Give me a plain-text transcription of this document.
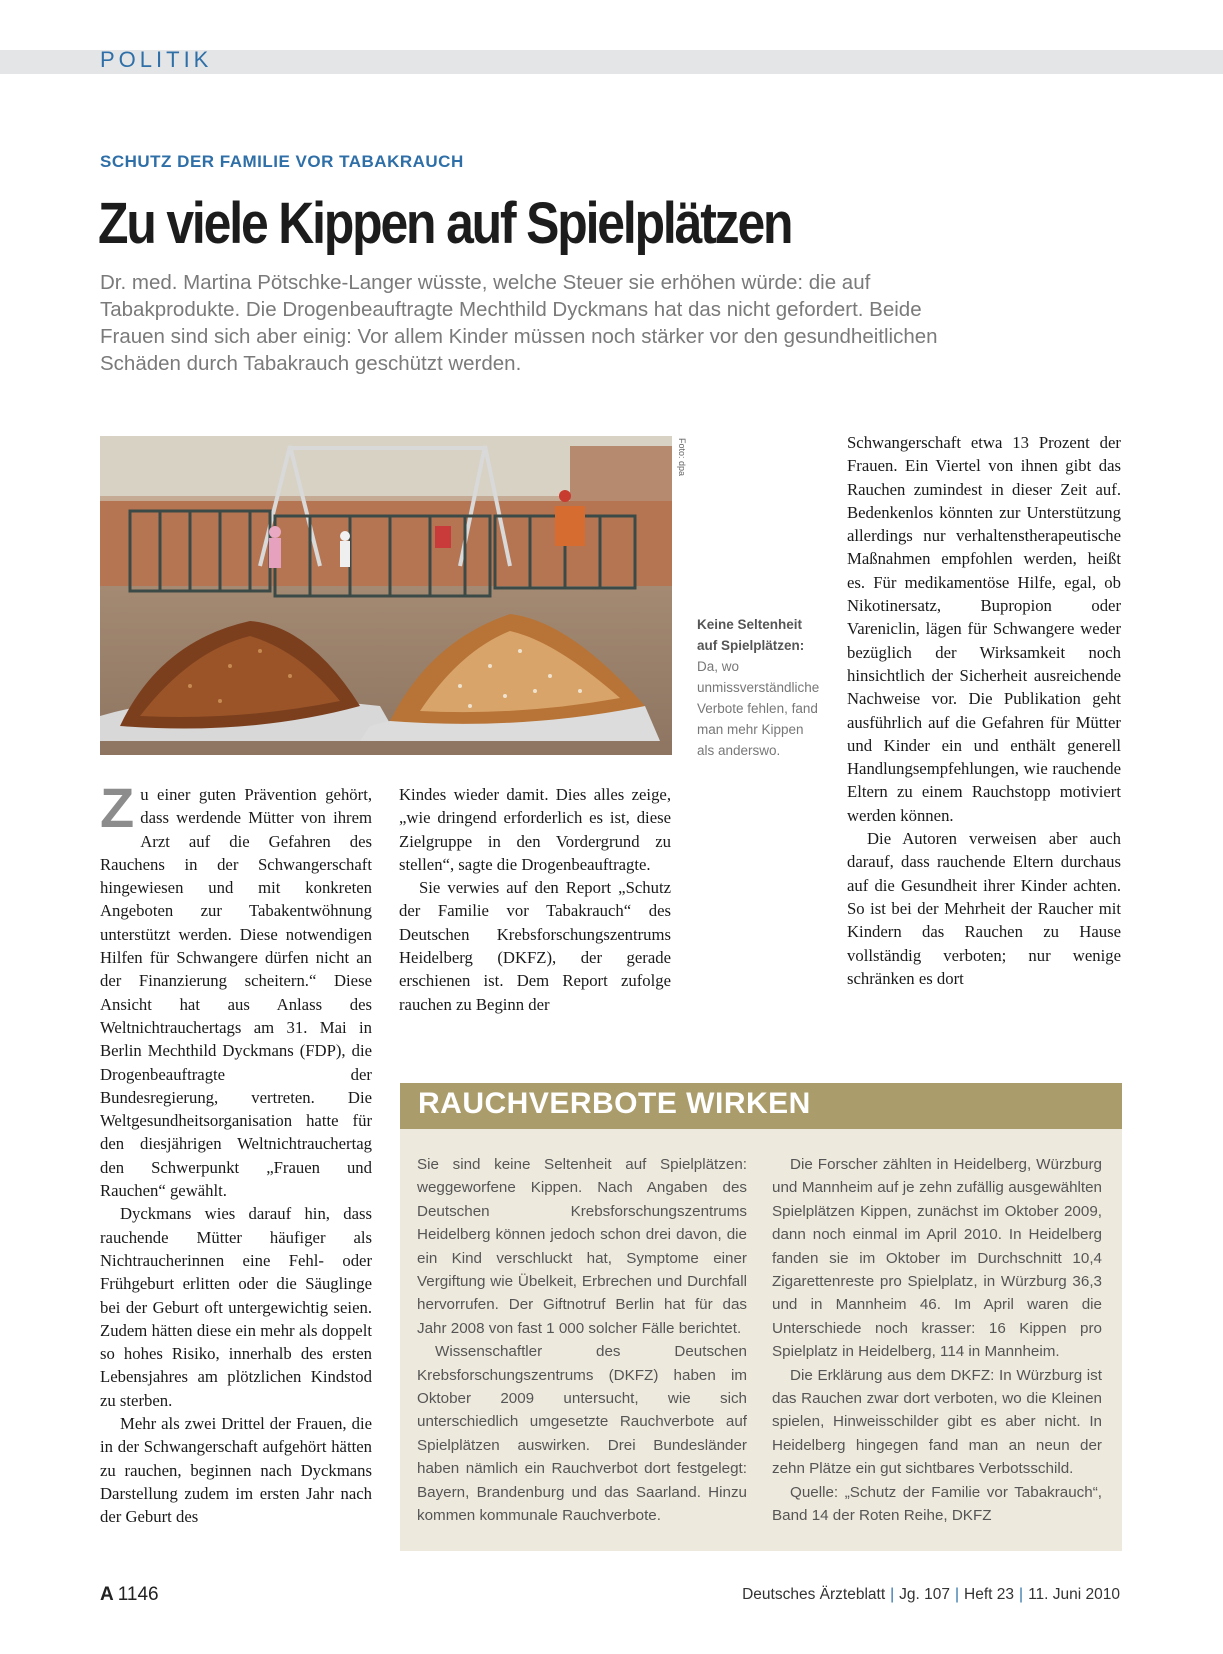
POLITIK
SCHUTZ DER FAMILIE VOR TABAKRAUCH
Zu viele Kippen auf Spielplätzen

Dr. med. Martina Pötschke-Langer wüsste, welche Steuer sie erhöhen würde: die auf Tabakprodukte. Die Drogenbeauftragte Mechthild Dyckmans hat das nicht gefordert. Beide Frauen sind sich aber einig: Vor allem Kinder müssen noch stärker vor den gesundheitlichen Schäden durch Tabakrauch geschützt werden.

Foto: dpa
Keine Seltenheit auf Spielplätzen:
Da, wo unmissverständliche Verbote fehlen, fand man mehr Kippen als anderswo.

Zu einer guten Prävention gehört, dass werdende Mütter von ihrem Arzt auf die Gefahren des Rauchens in der Schwangerschaft hingewiesen und mit konkreten Angeboten zur Tabakentwöhnung unterstützt werden. Diese notwendigen Hilfen für Schwangere dürfen nicht an der Finanzierung scheitern.“ Diese Ansicht hat aus Anlass des Weltnichtrauchertags am 31. Mai in Berlin Mechthild Dyckmans (FDP), die Drogenbeauftragte der Bundesregierung, vertreten. Die Weltgesundheitsorganisation hatte für den diesjährigen Weltnichtrauchertag den Schwerpunkt „Frauen und Rauchen“ gewählt.

Dyckmans wies darauf hin, dass rauchende Mütter häufiger als Nichtraucherinnen eine Fehl- oder Frühgeburt erlitten oder die Säuglinge bei der Geburt oft untergewichtig seien. Zudem hätten diese ein mehr als doppelt so hohes Risiko, innerhalb des ersten Lebensjahres am plötzlichen Kindstod zu sterben.

Mehr als zwei Drittel der Frauen, die in der Schwangerschaft aufgehört hätten zu rauchen, beginnen nach Dyckmans Darstellung zudem im ersten Jahr nach der Geburt des

Kindes wieder damit. Dies alles zeige, „wie dringend erforderlich es ist, diese Zielgruppe in den Vordergrund zu stellen“, sagte die Drogenbeauftragte.

Sie verwies auf den Report „Schutz der Familie vor Tabakrauch“ des Deutschen Krebsforschungszentrums Heidelberg (DKFZ), der gerade erschienen ist. Dem Report zufolge rauchen zu Beginn der

Schwangerschaft etwa 13 Prozent der Frauen. Ein Viertel von ihnen gibt das Rauchen zumindest in dieser Zeit auf. Bedenkenlos könnten zur Unterstützung allerdings nur verhaltenstherapeutische Maßnahmen empfohlen werden, heißt es. Für medikamentöse Hilfe, egal, ob Nikotinersatz, Bupropion oder Vareniclin, lägen für Schwangere weder bezüglich der Wirksamkeit noch hinsichtlich der Sicherheit ausreichende Nachweise vor. Die Publikation geht ausführlich auf die Gefahren für Mütter und Kinder ein und enthält generell Handlungsempfehlungen, wie rauchende Eltern zu einem Rauchstopp motiviert werden können.

Die Autoren verweisen aber auch darauf, dass rauchende Eltern durchaus auf die Gesundheit ihrer Kinder achten. So ist bei der Mehrheit der Raucher mit Kindern das Rauchen zu Hause vollständig verboten; nur wenige schränken es dort

RAUCHVERBOTE WIRKEN

Sie sind keine Seltenheit auf Spielplätzen: weggeworfene Kippen. Nach Angaben des Deutschen Krebsforschungszentrums Heidelberg können jedoch schon drei davon, die ein Kind verschluckt hat, Symptome einer Vergiftung wie Übelkeit, Erbrechen und Durchfall hervorrufen. Der Giftnotruf Berlin hat für das Jahr 2008 von fast 1 000 solcher Fälle berichtet.

Wissenschaftler des Deutschen Krebsforschungszentrums (DKFZ) haben im Oktober 2009 untersucht, wie sich unterschiedlich umgesetzte Rauchverbote auf Spielplätzen auswirken. Drei Bundesländer haben nämlich ein Rauchverbot dort festgelegt: Bayern, Brandenburg und das Saarland. Hinzu kommen kommunale Rauchverbote.

Die Forscher zählten in Heidelberg, Würzburg und Mannheim auf je zehn zufällig ausgewählten Spielplätzen Kippen, zunächst im Oktober 2009, dann noch einmal im April 2010. In Heidelberg fanden sie im Oktober im Durchschnitt 10,4 Zigarettenreste pro Spielplatz, in Würzburg 36,3 und in Mannheim 46. Im April waren die Unterschiede noch krasser: 16 Kippen pro Spielplatz in Heidelberg, 114 in Mannheim.

Die Erklärung aus dem DKFZ: In Würzburg ist das Rauchen zwar dort verboten, wo die Kleinen spielen, Hinweisschilder gibt es aber nicht. In Heidelberg hingegen fand man an neun der zehn Plätze ein gut sichtbares Verbotsschild.

Quelle: „Schutz der Familie vor Tabakrauch“, Band 14 der Roten Reihe, DKFZ

A 1146	Deutsches Ärzteblatt | Jg. 107 | Heft 23 | 11. Juni 2010
